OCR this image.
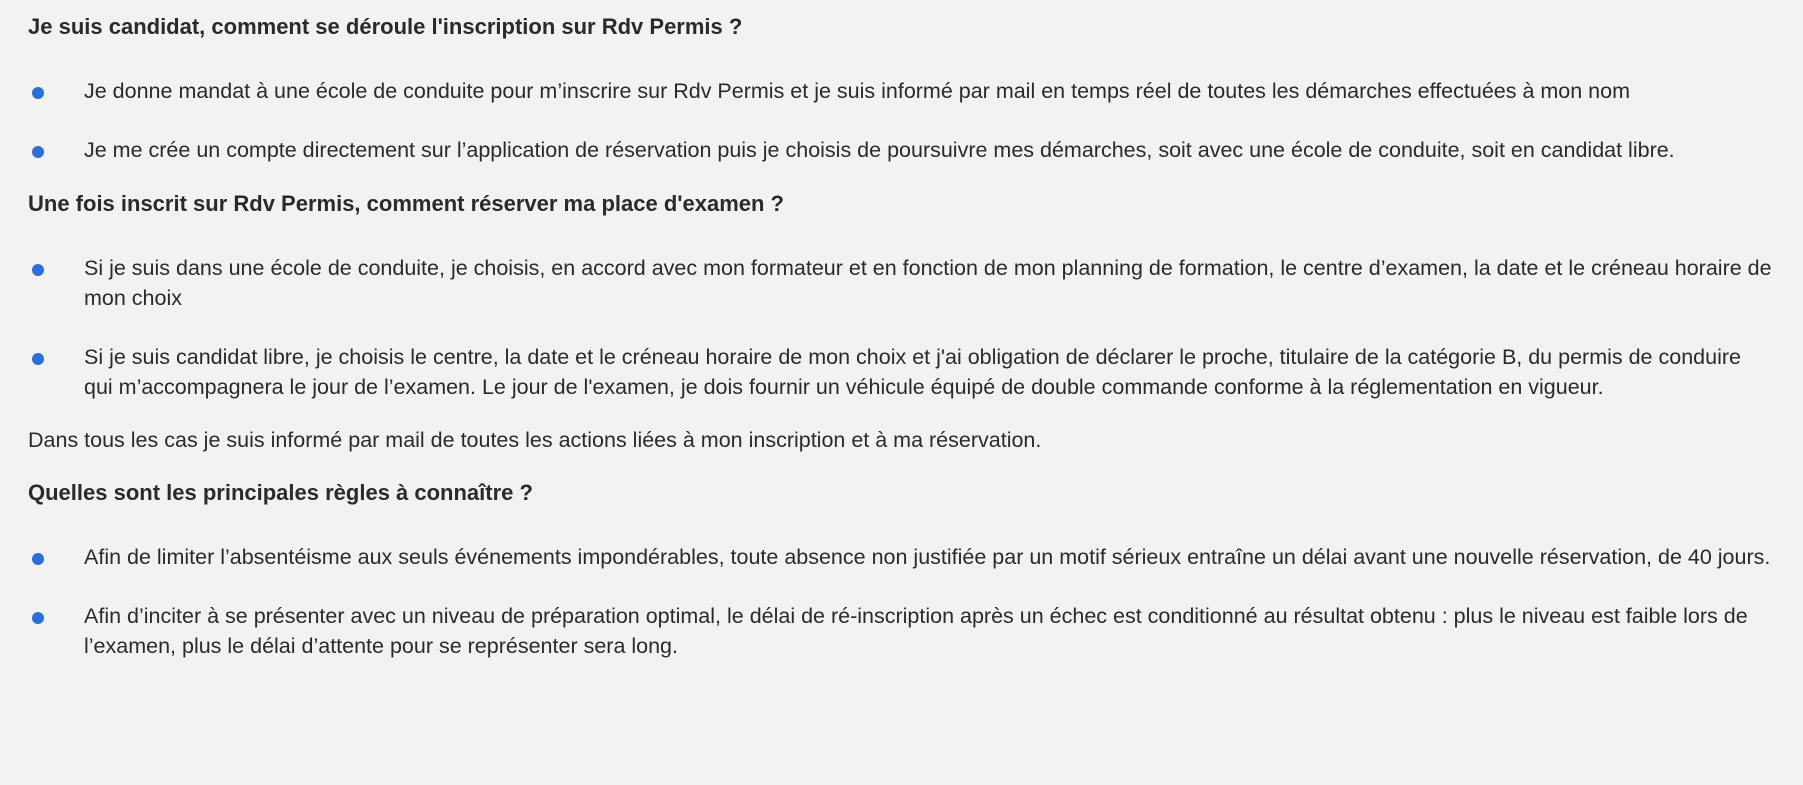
Je suis candidat, comment se déroule l'inscription sur Rdv Permis ?
Je donne mandat à une école de conduite pour m’inscrire sur Rdv Permis et je suis informé par mail en temps réel de toutes les démarches effectuées à mon nom
Je me crée un compte directement sur l’application de réservation puis je choisis de poursuivre mes démarches, soit avec une école de conduite, soit en candidat libre.
Une fois inscrit sur Rdv Permis, comment réserver ma place d'examen ?
Si je suis dans une école de conduite, je choisis, en accord avec mon formateur et en fonction de mon planning de formation, le centre d’examen, la date et le créneau horaire de mon choix
Si je suis candidat libre, je choisis le centre, la date et le créneau horaire de mon choix et j'ai obligation de déclarer le proche, titulaire de la catégorie B, du permis de conduire qui m’accompagnera le jour de l’examen. Le jour de l'examen, je dois fournir un véhicule équipé de double commande conforme à la réglementation en vigueur.

Dans tous les cas je suis informé par mail de toutes les actions liées à mon inscription et à ma réservation.

Quelles sont les principales règles à connaître ?
Afin de limiter l’absentéisme aux seuls événements impondérables, toute absence non justifiée par un motif sérieux entraîne un délai avant une nouvelle réservation, de 40 jours.
Afin d’inciter à se présenter avec un niveau de préparation optimal, le délai de ré-inscription après un échec est conditionné au résultat obtenu : plus le niveau est faible lors de l’examen, plus le délai d’attente pour se représenter sera long.
